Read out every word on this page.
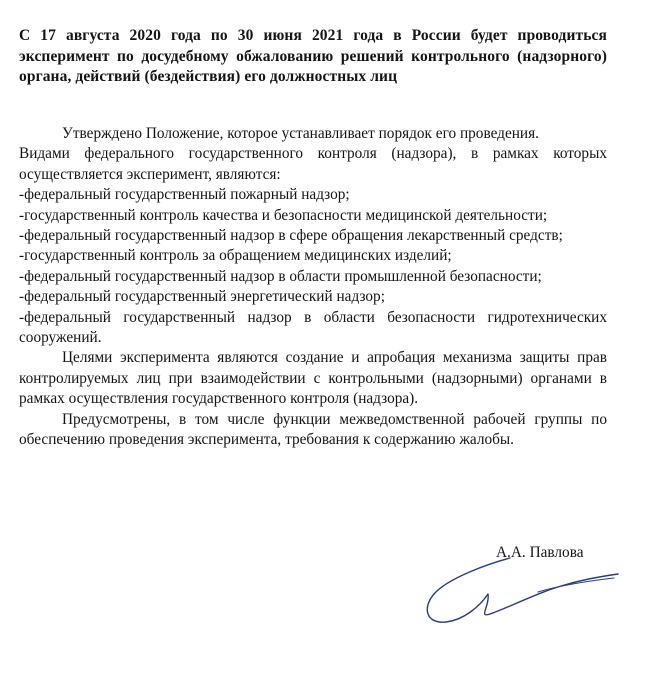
С 17 августа 2020 года по 30 июня 2021 года в России будет проводиться эксперимент по досудебному обжалованию решений контрольного (надзорного) органа, действий (бездействия) его должностных лиц

Утверждено Положение, которое устанавливает порядок его проведения.

Видами федерального государственного контроля (надзора), в рамках которых осуществляется эксперимент, являются:

-федеральный государственный пожарный надзор;
-государственный контроль качества и безопасности медицинской деятельности;
-федеральный государственный надзор в сфере обращения лекарственный средств;
-государственный контроль за обращением медицинских изделий;
-федеральный государственный надзор в области промышленной безопасности;
-федеральный государственный энергетический надзор;
-федеральный государственный надзор в области безопасности гидротехнических сооружений.

Целями эксперимента являются создание и апробация механизма защиты прав контролируемых лиц при взаимодействии с контрольными (надзорными) органами в рамках осуществления государственного контроля (надзора).

Предусмотрены, в том числе функции межведомственной рабочей группы по обеспечению проведения эксперимента, требования к содержанию жалобы.

А.А. Павлова
